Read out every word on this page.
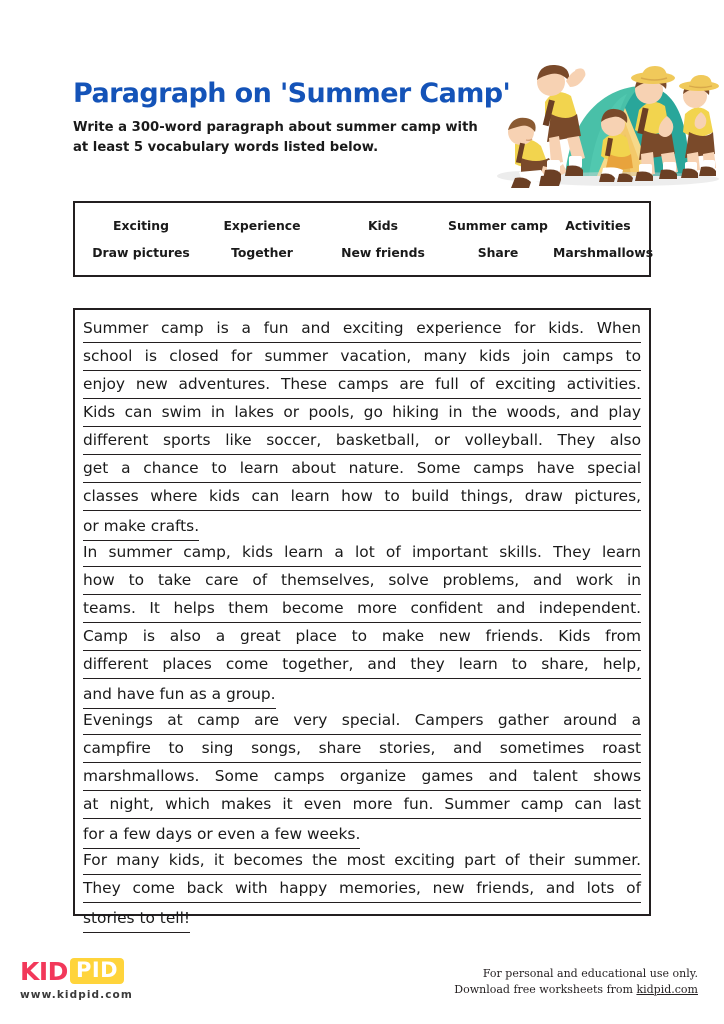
Paragraph on 'Summer Camp'

Write a 300-word paragraph about summer camp with at least 5 vocabulary words listed below.

Exciting	Experience	Kids	Summer camp	Activities
Draw pictures	Together	New friends	Share	Marshmallows
Summer camp is a fun and exciting experience for kids. When
school is closed for summer vacation, many kids join camps to
enjoy new adventures. These camps are full of exciting activities.
Kids can swim in lakes or pools, go hiking in the woods, and play
different sports like soccer, basketball, or volleyball. They also
get a chance to learn about nature. Some camps have special
classes where kids can learn how to build things, draw pictures,
or make crafts.
In summer camp, kids learn a lot of important skills. They learn
how to take care of themselves, solve problems, and work in
teams. It helps them become more confident and independent.
Camp is also a great place to make new friends. Kids from
different places come together, and they learn to share, help,
and have fun as a group.
Evenings at camp are very special. Campers gather around a
campfire to sing songs, share stories, and sometimes roast
marshmallows. Some camps organize games and talent shows
at night, which makes it even more fun. Summer camp can last
for a few days or even a few weeks.
For many kids, it becomes the most exciting part of their summer.
They come back with happy memories, new friends, and lots of
stories to tell!
KID PID
www.kidpid.com
For personal and educational use only.
Download free worksheets from kidpid.com
